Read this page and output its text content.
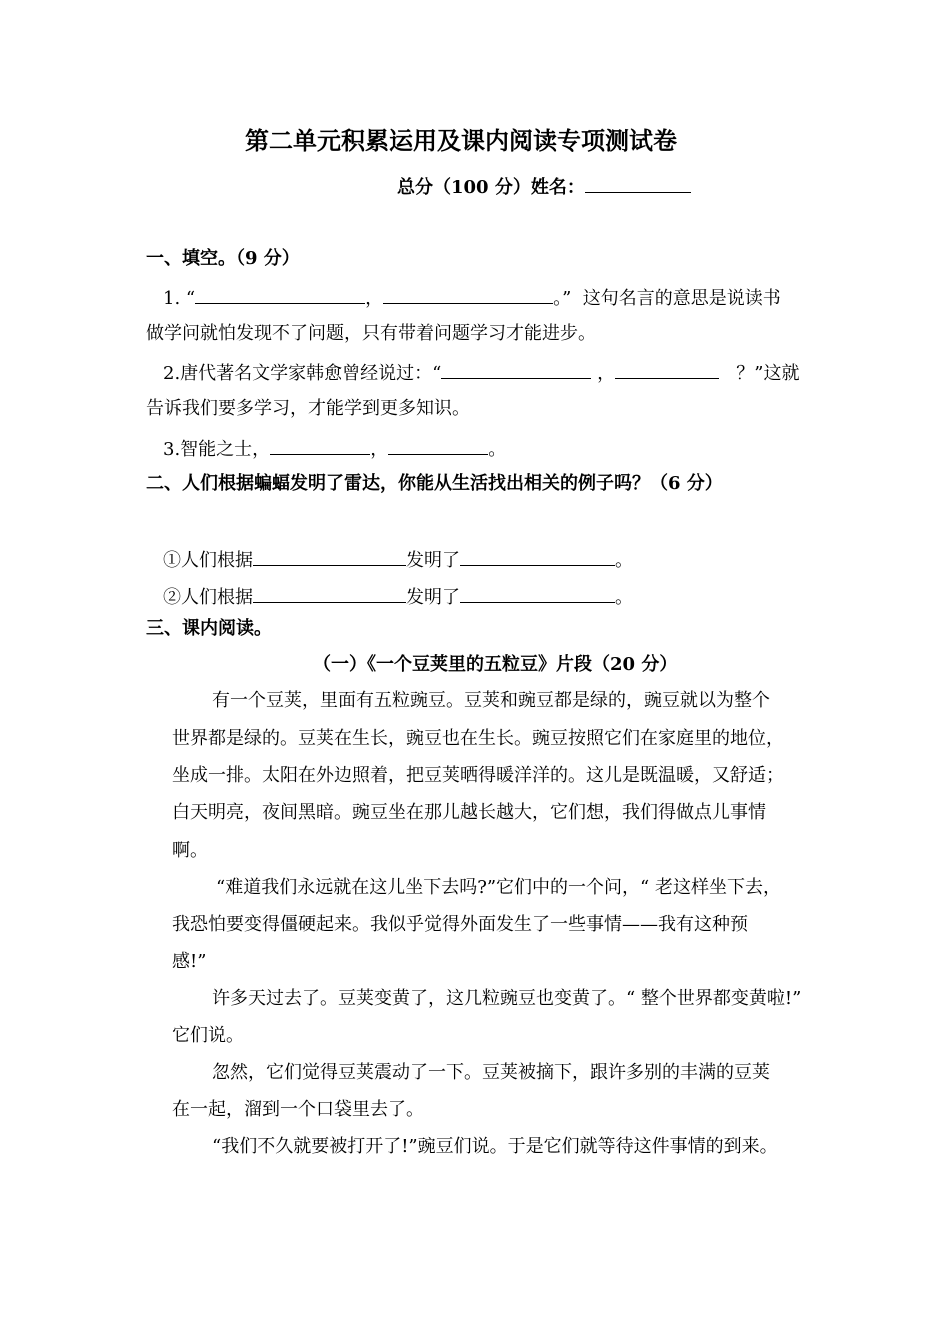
第二单元积累运用及课内阅读专项测试卷
总分（100 分）姓名：
一、填空。（9 分）
1. “	，	。” 这句名言的意思是说读书
做学问就怕发现不了问题，只有带着问题学习才能进步。
2.唐代著名文学家韩愈曾经说过：“	，	？”这就
告诉我们要多学习，才能学到更多知识。
3.智能之士，	，	。
二、人们根据蝙蝠发明了雷达，你能从生活找出相关的例子吗？（6 分）
①人们根据	发明了	。
②人们根据	发明了	。
三、课内阅读。
（一）《一个豆荚里的五粒豆》片段（20 分）
有一个豆荚，里面有五粒豌豆。豆荚和豌豆都是绿的，豌豆就以为整个
世界都是绿的。豆荚在生长，豌豆也在生长。豌豆按照它们在家庭里的地位，
坐成一排。太阳在外边照着，把豆荚晒得暖洋洋的。这儿是既温暖，又舒适；
白天明亮，夜间黑暗。豌豆坐在那儿越长越大，它们想，我们得做点儿事情
啊。
“难道我们永远就在这儿坐下去吗?”它们中的一个问，“ 老这样坐下去，
我恐怕要变得僵硬起来。我似乎觉得外面发生了一些事情——我有这种预
感!”
许多天过去了。豆荚变黄了，这几粒豌豆也变黄了。“ 整个世界都变黄啦!”
它们说。
忽然，它们觉得豆荚震动了一下。豆荚被摘下，跟许多别的丰满的豆荚
在一起，溜到一个口袋里去了。
“我们不久就要被打开了!”豌豆们说。于是它们就等待这件事情的到来。
